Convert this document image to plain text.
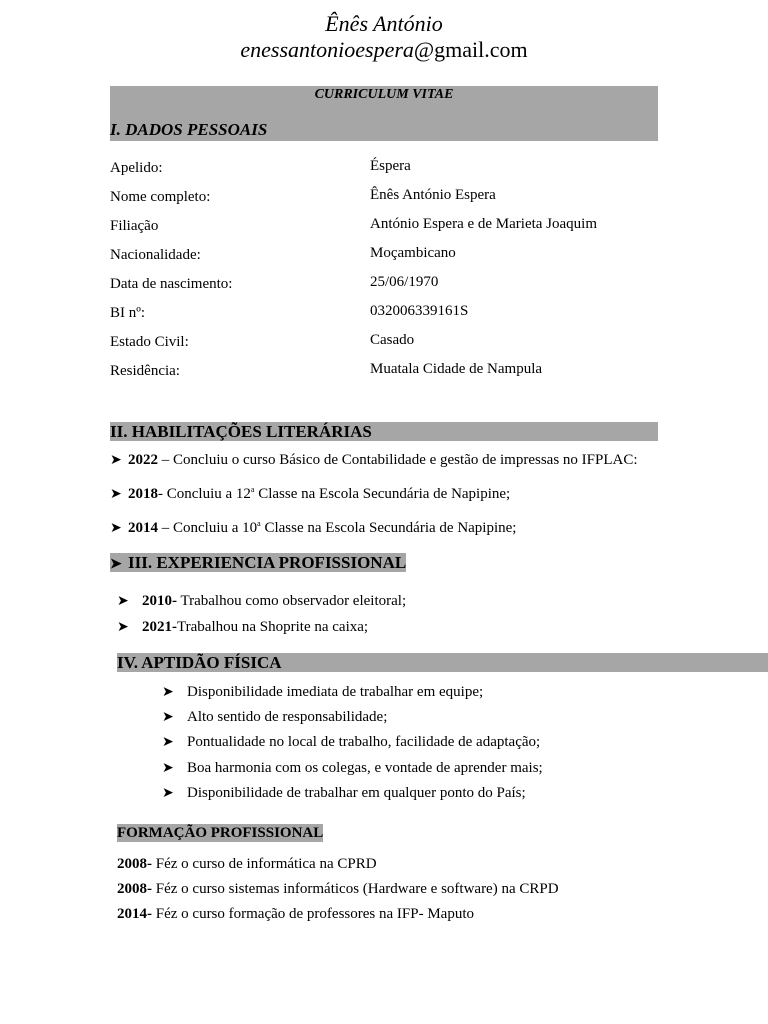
Ênês António
enessantonioespera@gmail.com
CURRICULUM VITAE
I. DADOS PESSOAIS
Apelido:	Éspera
Nome completo:	Ênês António Espera
Filiação	António Espera e de Marieta Joaquim
Nacionalidade:	Moçambicano
Data de nascimento:	25/06/1970
BI nº:	032006339161S
Estado Civil:	Casado
Residência:	Muatala Cidade de Nampula
II. HABILITAÇÕES LITERÁRIAS
➤ 2022 – Concluiu o curso Básico de Contabilidade e gestão de impressas no IFPLAC:
➤ 2018- Concluiu a 12$^a$ Classe na Escola Secundária de Napipine;
➤ 2014 – Concluiu a 10$^a$ Classe na Escola Secundária de Napipine;
➤ III. EXPERIENCIA PROFISSIONAL
➤ 2010- Trabalhou como observador eleitoral;
➤ 2021-Trabalhou na Shoprite na caixa;
IV. APTIDÃO FÍSICA
➤ Disponibilidade imediata de trabalhar em equipe;
➤ Alto sentido de responsabilidade;
➤ Pontualidade no local de trabalho, facilidade de adaptação;
➤ Boa harmonia com os colegas, e vontade de aprender mais;
➤ Disponibilidade de trabalhar em qualquer ponto do País;
FORMAÇÃO PROFISSIONAL
2008- Féz o curso de informática na CPRD
2008- Féz o curso sistemas informáticos (Hardware e software) na CRPD
2014- Féz o curso formação de professores na IFP- Maputo
